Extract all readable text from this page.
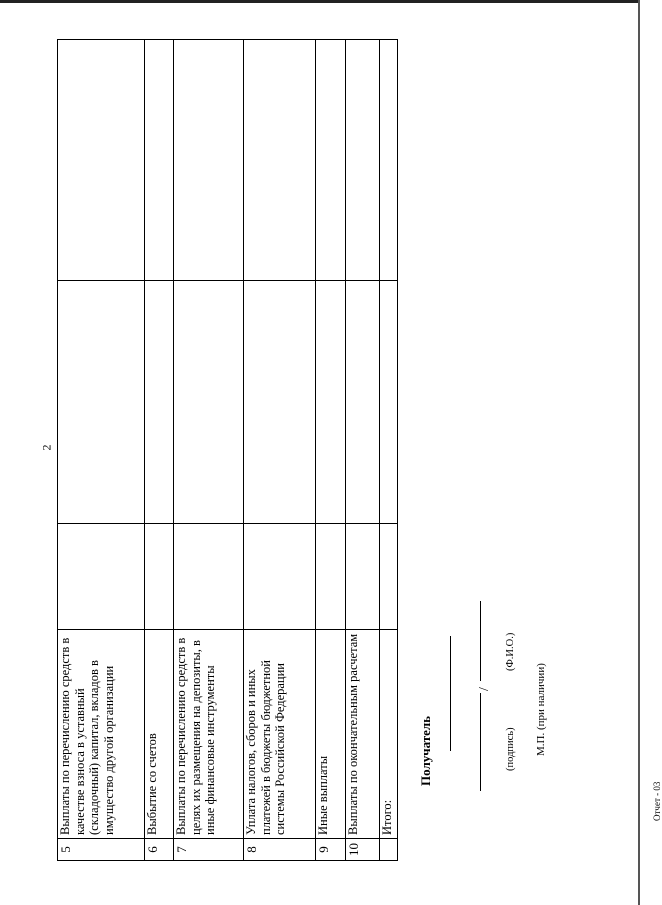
2
5	Выплаты по перечислению средств в качестве взноса в уставный (складочный) капитал, вкладов в имущество другой организации			
6	Выбытие со счетов			
7	Выплаты по перечислению средств в целях их размещения на депозиты, в иные финансовые инструменты			
8	Уплата налогов, сборов и иных платежей в бюджеты бюджетной системы Российской Федерации			
9	Иные выплаты			
10	Выплаты по окончательным расчетам			
	Итого:			
Получатель
/
(подпись)
(Ф.И.О.)
М.П. (при наличии)
Отчет - 03
